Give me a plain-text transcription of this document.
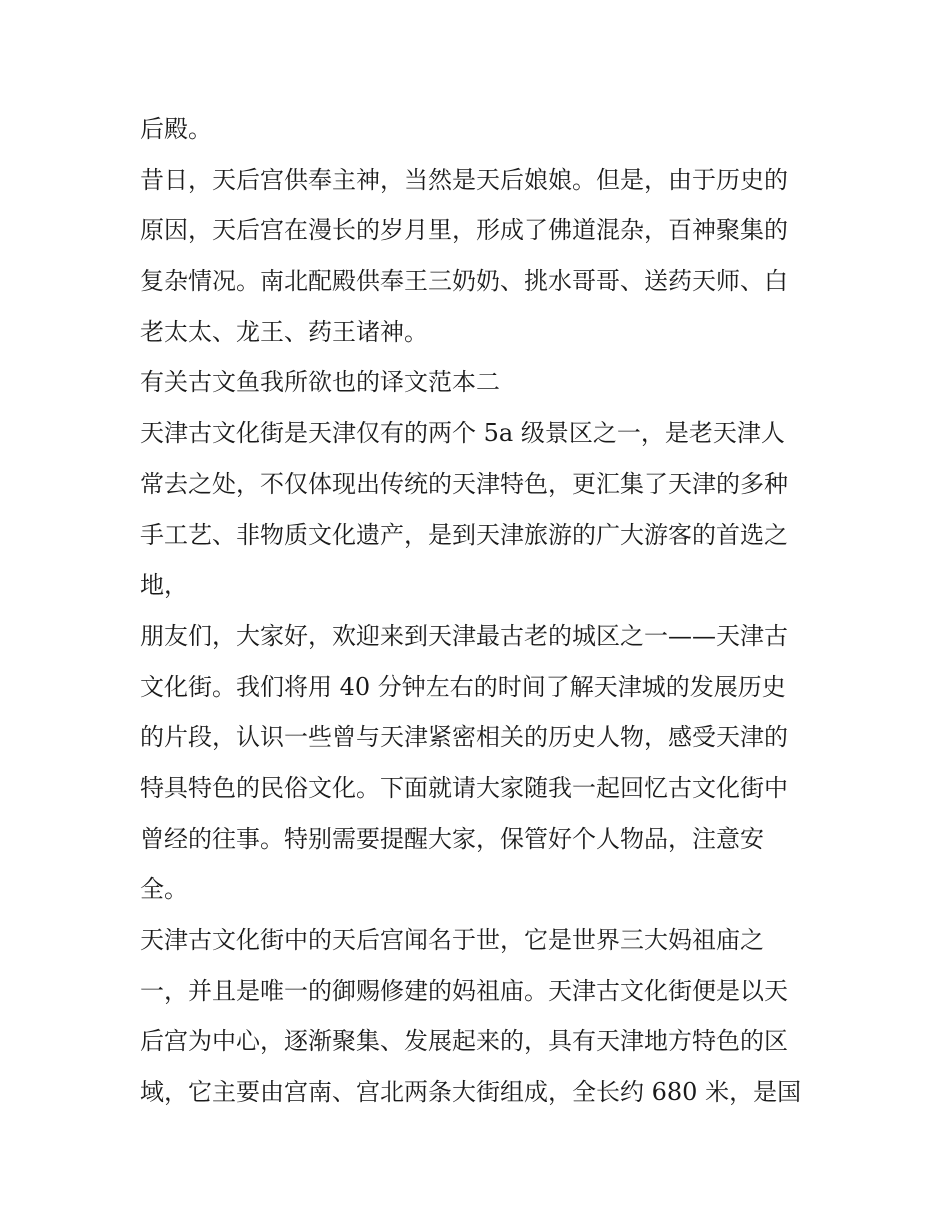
后殿。
昔日，天后宫供奉主神，当然是天后娘娘。但是，由于历史的
原因，天后宫在漫长的岁月里，形成了佛道混杂，百神聚集的
复杂情况。南北配殿供奉王三奶奶、挑水哥哥、送药天师、白
老太太、龙王、药王诸神。
有关古文鱼我所欲也的译文范本二
天津古文化街是天津仅有的两个 5a 级景区之一，是老天津人
常去之处，不仅体现出传统的天津特色，更汇集了天津的多种
手工艺、非物质文化遗产，是到天津旅游的广大游客的首选之
地，
朋友们，大家好，欢迎来到天津最古老的城区之一——天津古
文化街。我们将用 40 分钟左右的时间了解天津城的发展历史
的片段，认识一些曾与天津紧密相关的历史人物，感受天津的
特具特色的民俗文化。下面就请大家随我一起回忆古文化街中
曾经的往事。特别需要提醒大家，保管好个人物品，注意安
全。
天津古文化街中的天后宫闻名于世，它是世界三大妈祖庙之
一，并且是唯一的御赐修建的妈祖庙。天津古文化街便是以天
后宫为中心，逐渐聚集、发展起来的，具有天津地方特色的区
域，它主要由宫南、宫北两条大街组成，全长约 680 米，是国
